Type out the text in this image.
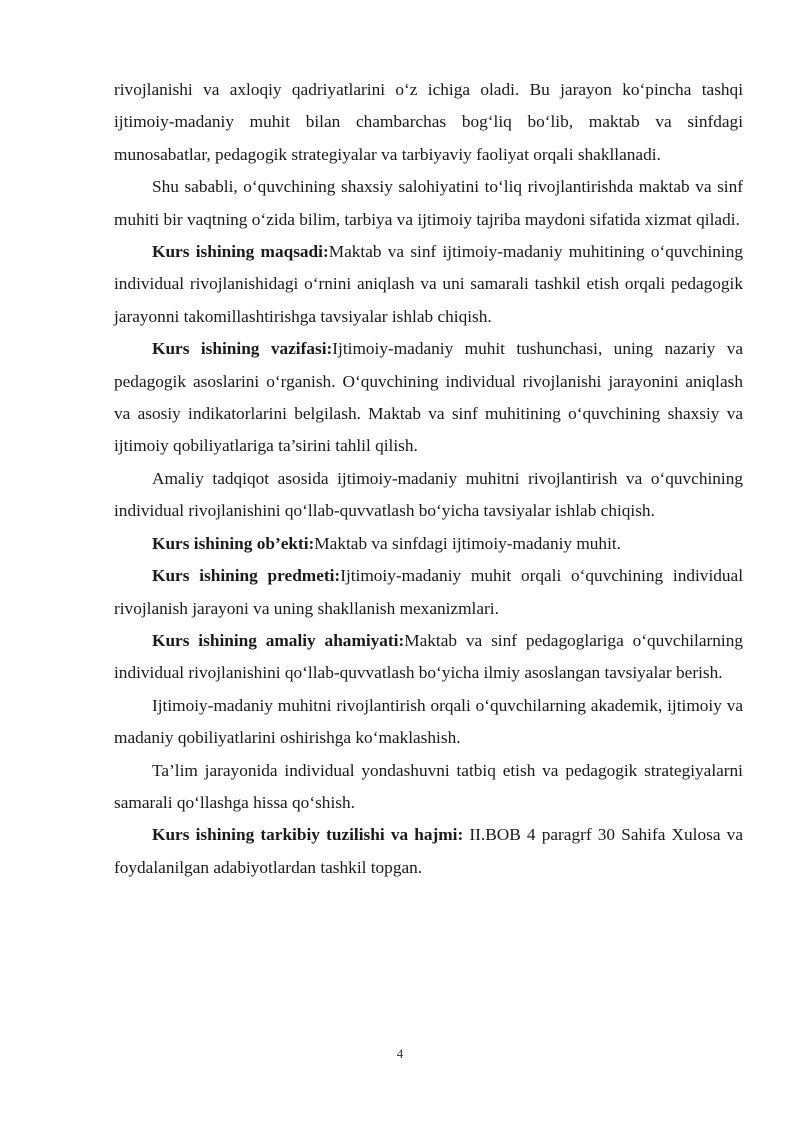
rivojlanishi va axloqiy qadriyatlarini o‘z ichiga oladi. Bu jarayon ko‘pincha tashqi ijtimoiy-madaniy muhit bilan chambarchas bog‘liq bo‘lib, maktab va sinfdagi munosabatlar, pedagogik strategiyalar va tarbiyaviy faoliyat orqali shakllanadi.

Shu sababli, o‘quvchining shaxsiy salohiyatini to‘liq rivojlantirishda maktab va sinf muhiti bir vaqtning o‘zida bilim, tarbiya va ijtimoiy tajriba maydoni sifatida xizmat qiladi.

Kurs ishining maqsadi:Maktab va sinf ijtimoiy-madaniy muhitining o‘quvchining individual rivojlanishidagi o‘rnini aniqlash va uni samarali tashkil etish orqali pedagogik jarayonni takomillashtirishga tavsiyalar ishlab chiqish.

Kurs ishining vazifasi:Ijtimoiy-madaniy muhit tushunchasi, uning nazariy va pedagogik asoslarini o‘rganish. O‘quvchining individual rivojlanishi jarayonini aniqlash va asosiy indikatorlarini belgilash. Maktab va sinf muhitining o‘quvchining shaxsiy va ijtimoiy qobiliyatlariga ta’sirini tahlil qilish.

Amaliy tadqiqot asosida ijtimoiy-madaniy muhitni rivojlantirish va o‘quvchining individual rivojlanishini qo‘llab-quvvatlash bo‘yicha tavsiyalar ishlab chiqish.

Kurs ishining ob’ekti:Maktab va sinfdagi ijtimoiy-madaniy muhit.

Kurs ishining predmeti:Ijtimoiy-madaniy muhit orqali o‘quvchining individual rivojlanish jarayoni va uning shakllanish mexanizmlari.

Kurs ishining amaliy ahamiyati:Maktab va sinf pedagoglariga o‘quvchilarning individual rivojlanishini qo‘llab-quvvatlash bo‘yicha ilmiy asoslangan tavsiyalar berish.

Ijtimoiy-madaniy muhitni rivojlantirish orqali o‘quvchilarning akademik, ijtimoiy va madaniy qobiliyatlarini oshirishga ko‘maklashish.

Ta’lim jarayonida individual yondashuvni tatbiq etish va pedagogik strategiyalarni samarali qo‘llashga hissa qo‘shish.

Kurs ishining tarkibiy tuzilishi va hajmi: II.BOB 4 paragrf 30 Sahifa Xulosa va foydalanilgan adabiyotlardan tashkil topgan.

4
